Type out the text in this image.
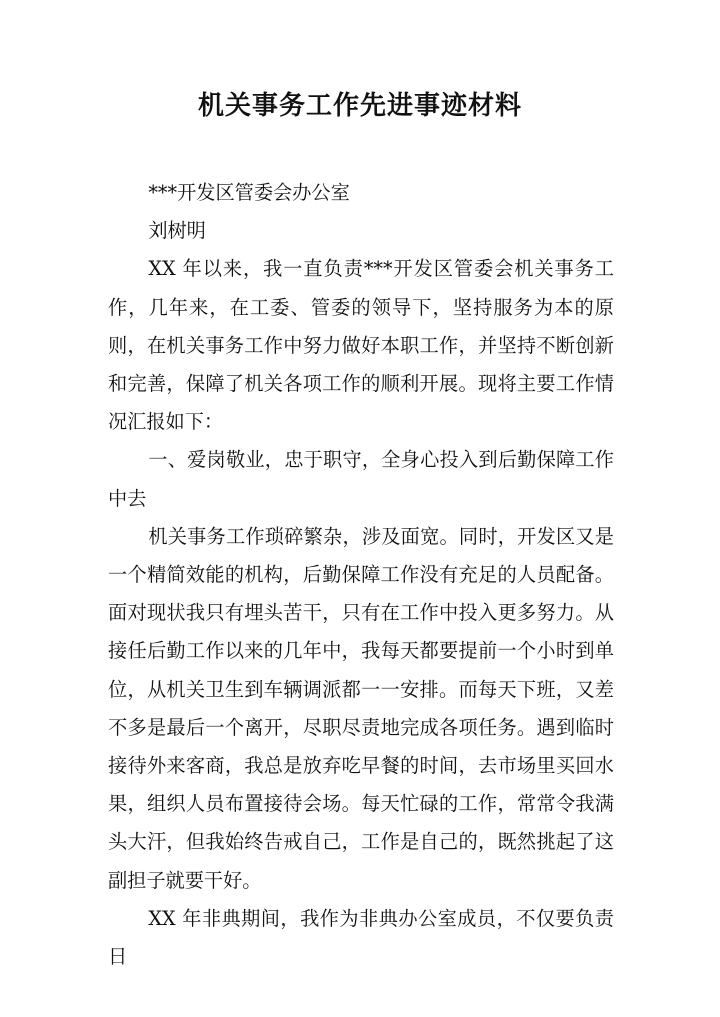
机关事务工作先进事迹材料

***开发区管委会办公室

刘树明

XX 年以来，我一直负责***开发区管委会机关事务工作，几年来，在工委、管委的领导下，坚持服务为本的原则，在机关事务工作中努力做好本职工作，并坚持不断创新和完善，保障了机关各项工作的顺利开展。现将主要工作情况汇报如下：

一、爱岗敬业，忠于职守，全身心投入到后勤保障工作中去

机关事务工作琐碎繁杂，涉及面宽。同时，开发区又是一个精简效能的机构，后勤保障工作没有充足的人员配备。面对现状我只有埋头苦干，只有在工作中投入更多努力。从接任后勤工作以来的几年中，我每天都要提前一个小时到单位，从机关卫生到车辆调派都一一安排。而每天下班，又差不多是最后一个离开，尽职尽责地完成各项任务。遇到临时接待外来客商，我总是放弃吃早餐的时间，去市场里买回水果，组织人员布置接待会场。每天忙碌的工作，常常令我满头大汗，但我始终告戒自己，工作是自己的，既然挑起了这副担子就要干好。

XX 年非典期间，我作为非典办公室成员，不仅要负责日
